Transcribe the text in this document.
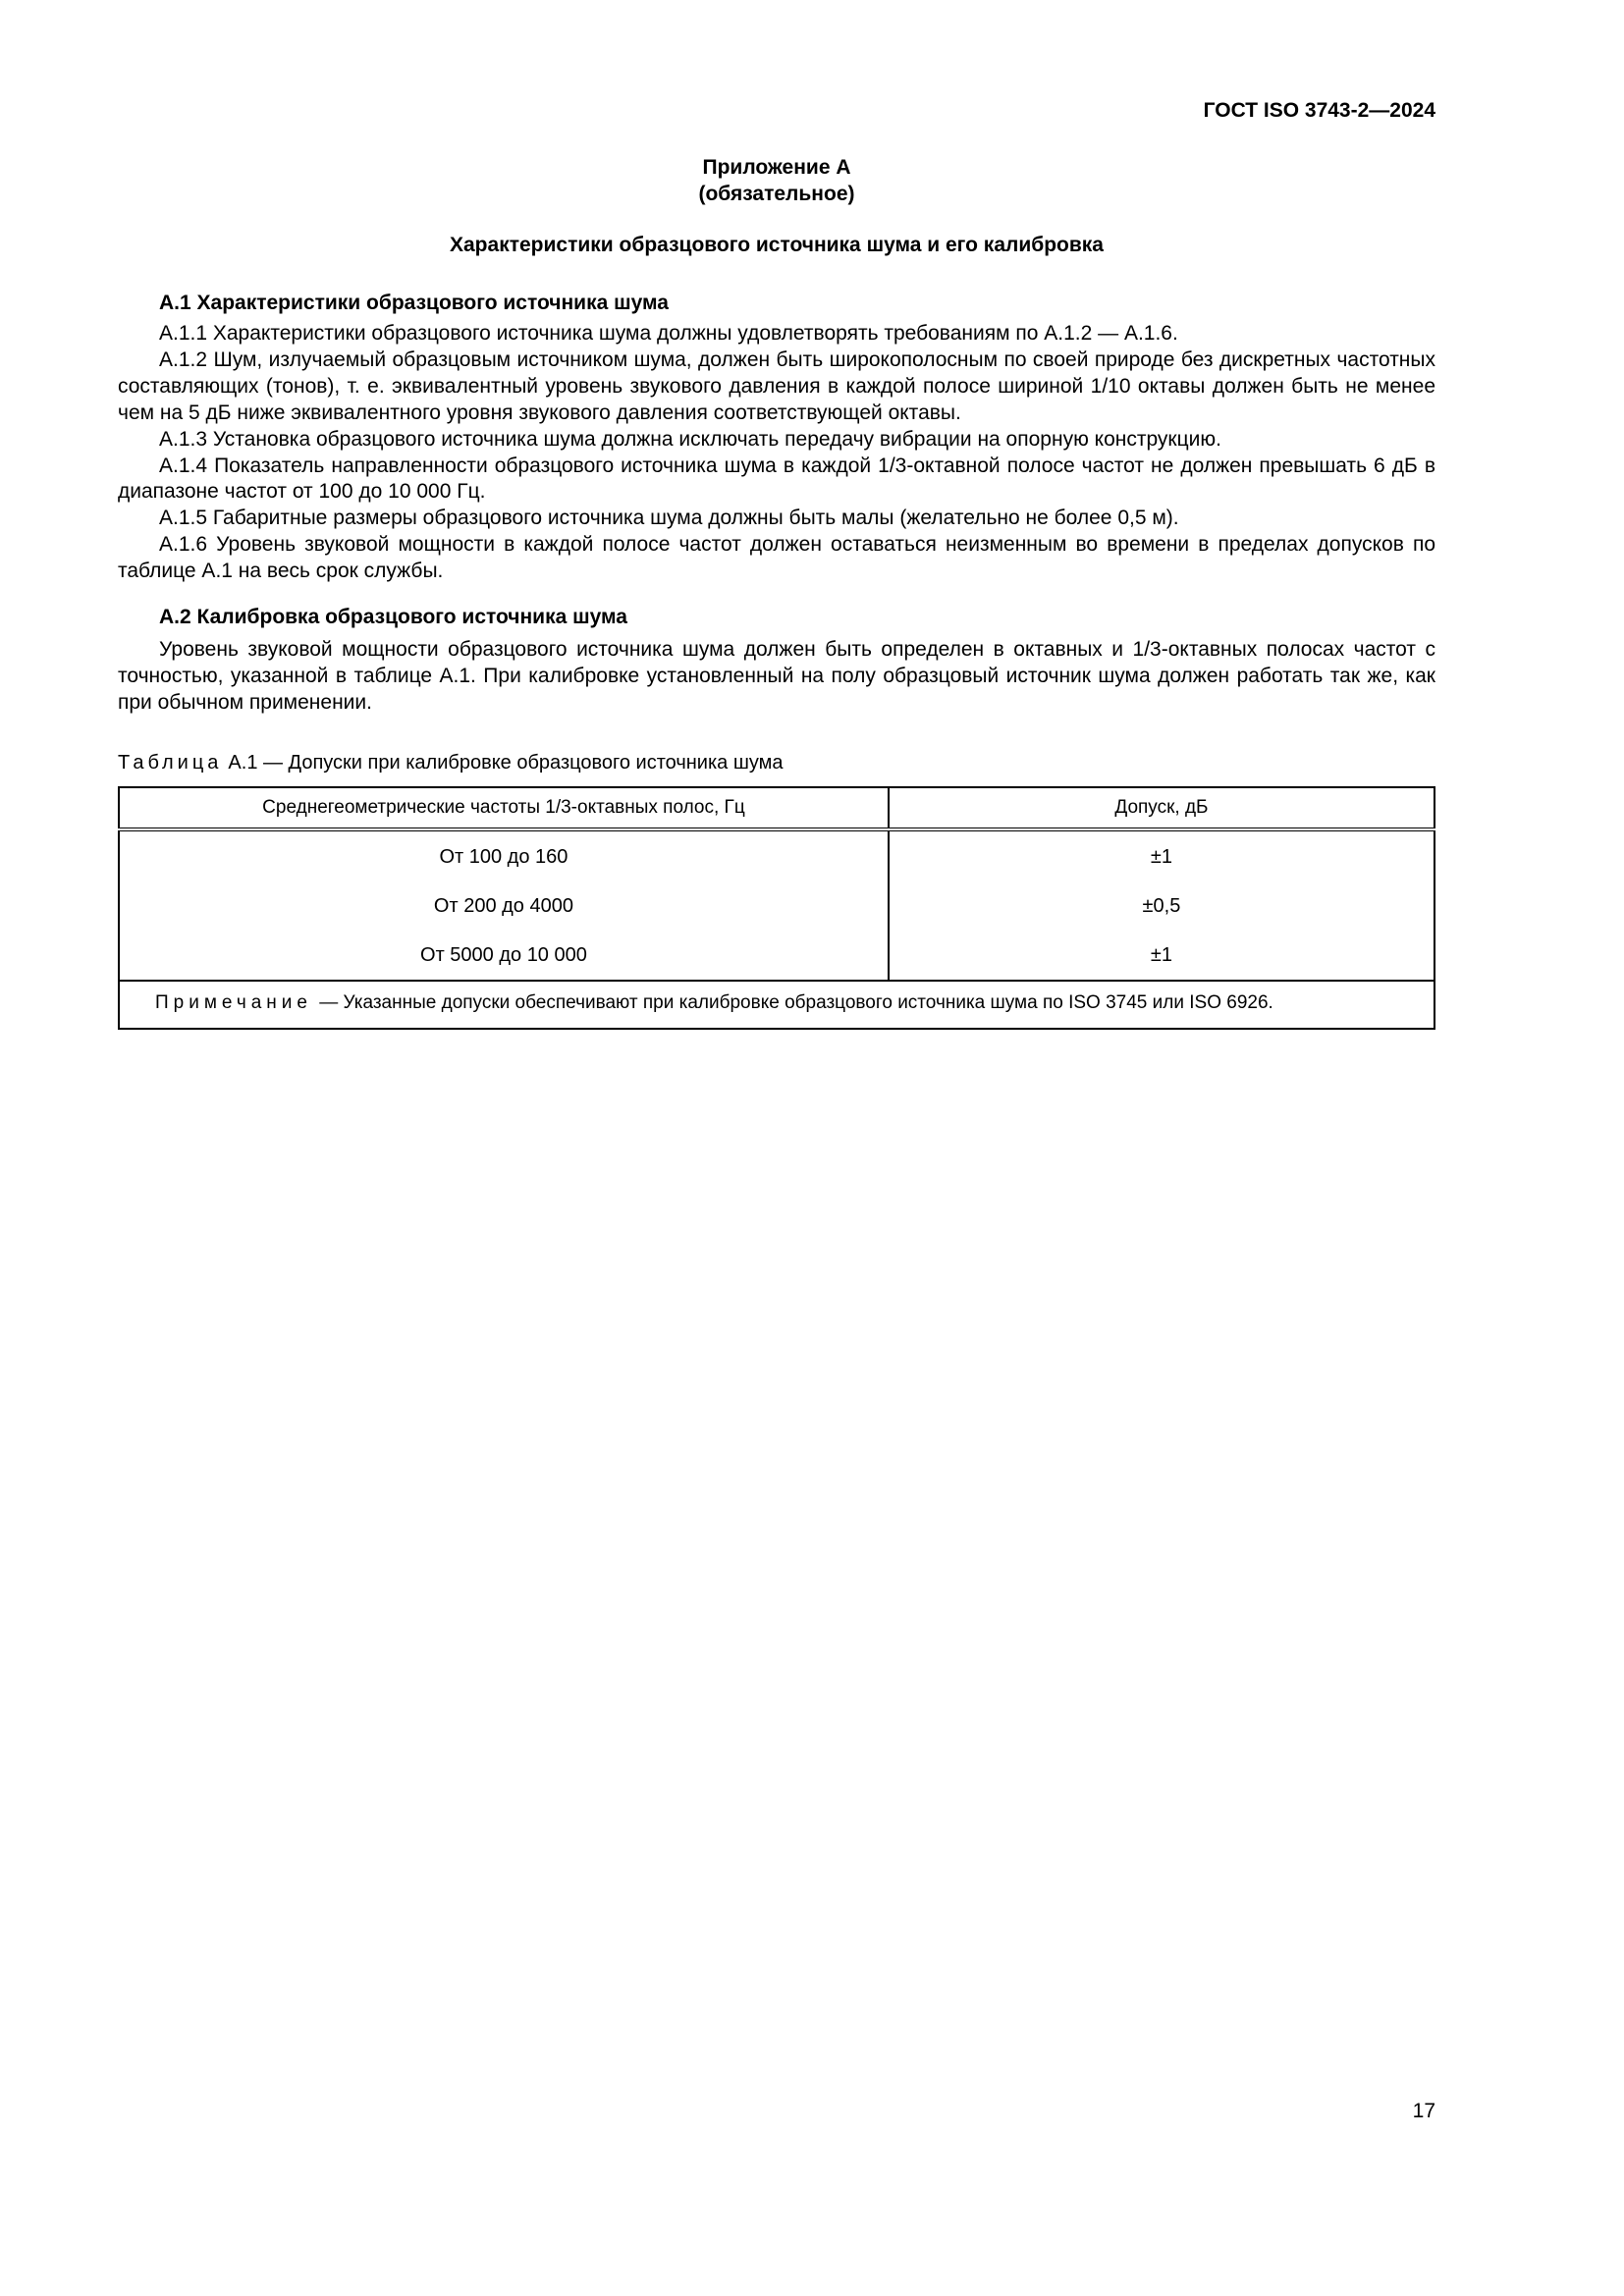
ГОСТ ISO 3743-2—2024
Приложение А
(обязательное)
Характеристики образцового источника шума и его калибровка
А.1 Характеристики образцового источника шума

А.1.1 Характеристики образцового источника шума должны удовлетворять требованиям по А.1.2 — А.1.6.

А.1.2 Шум, излучаемый образцовым источником шума, должен быть широкополосным по своей природе без дискретных частотных составляющих (тонов), т. е. эквивалентный уровень звукового давления в каждой полосе шириной 1/10 октавы должен быть не менее чем на 5 дБ ниже эквивалентного уровня звукового давления соответствующей октавы.

А.1.3 Установка образцового источника шума должна исключать передачу вибрации на опорную конструкцию.

А.1.4 Показатель направленности образцового источника шума в каждой 1/3-октавной полосе частот не должен превышать 6 дБ в диапазоне частот от 100 до 10 000 Гц.

А.1.5 Габаритные размеры образцового источника шума должны быть малы (желательно не более 0,5 м).

А.1.6 Уровень звуковой мощности в каждой полосе частот должен оставаться неизменным во времени в пределах допусков по таблице А.1 на весь срок службы.

А.2 Калибровка образцового источника шума

Уровень звуковой мощности образцового источника шума должен быть определен в октавных и 1/3-октавных полосах частот с точностью, указанной в таблице А.1. При калибровке установленный на полу образцовый источник шума должен работать так же, как при обычном применении.

Таблица А.1 — Допуски при калибровке образцового источника шума
Среднегеометрические частоты 1/3-октавных полос, Гц	Допуск, дБ
От 100 до 160	±1
От 200 до 4000	±0,5
От 5000 до 10 000	±1
Примечание — Указанные допуски обеспечивают при калибровке образцового источника шума по ISO 3745 или ISO 6926.	
17
